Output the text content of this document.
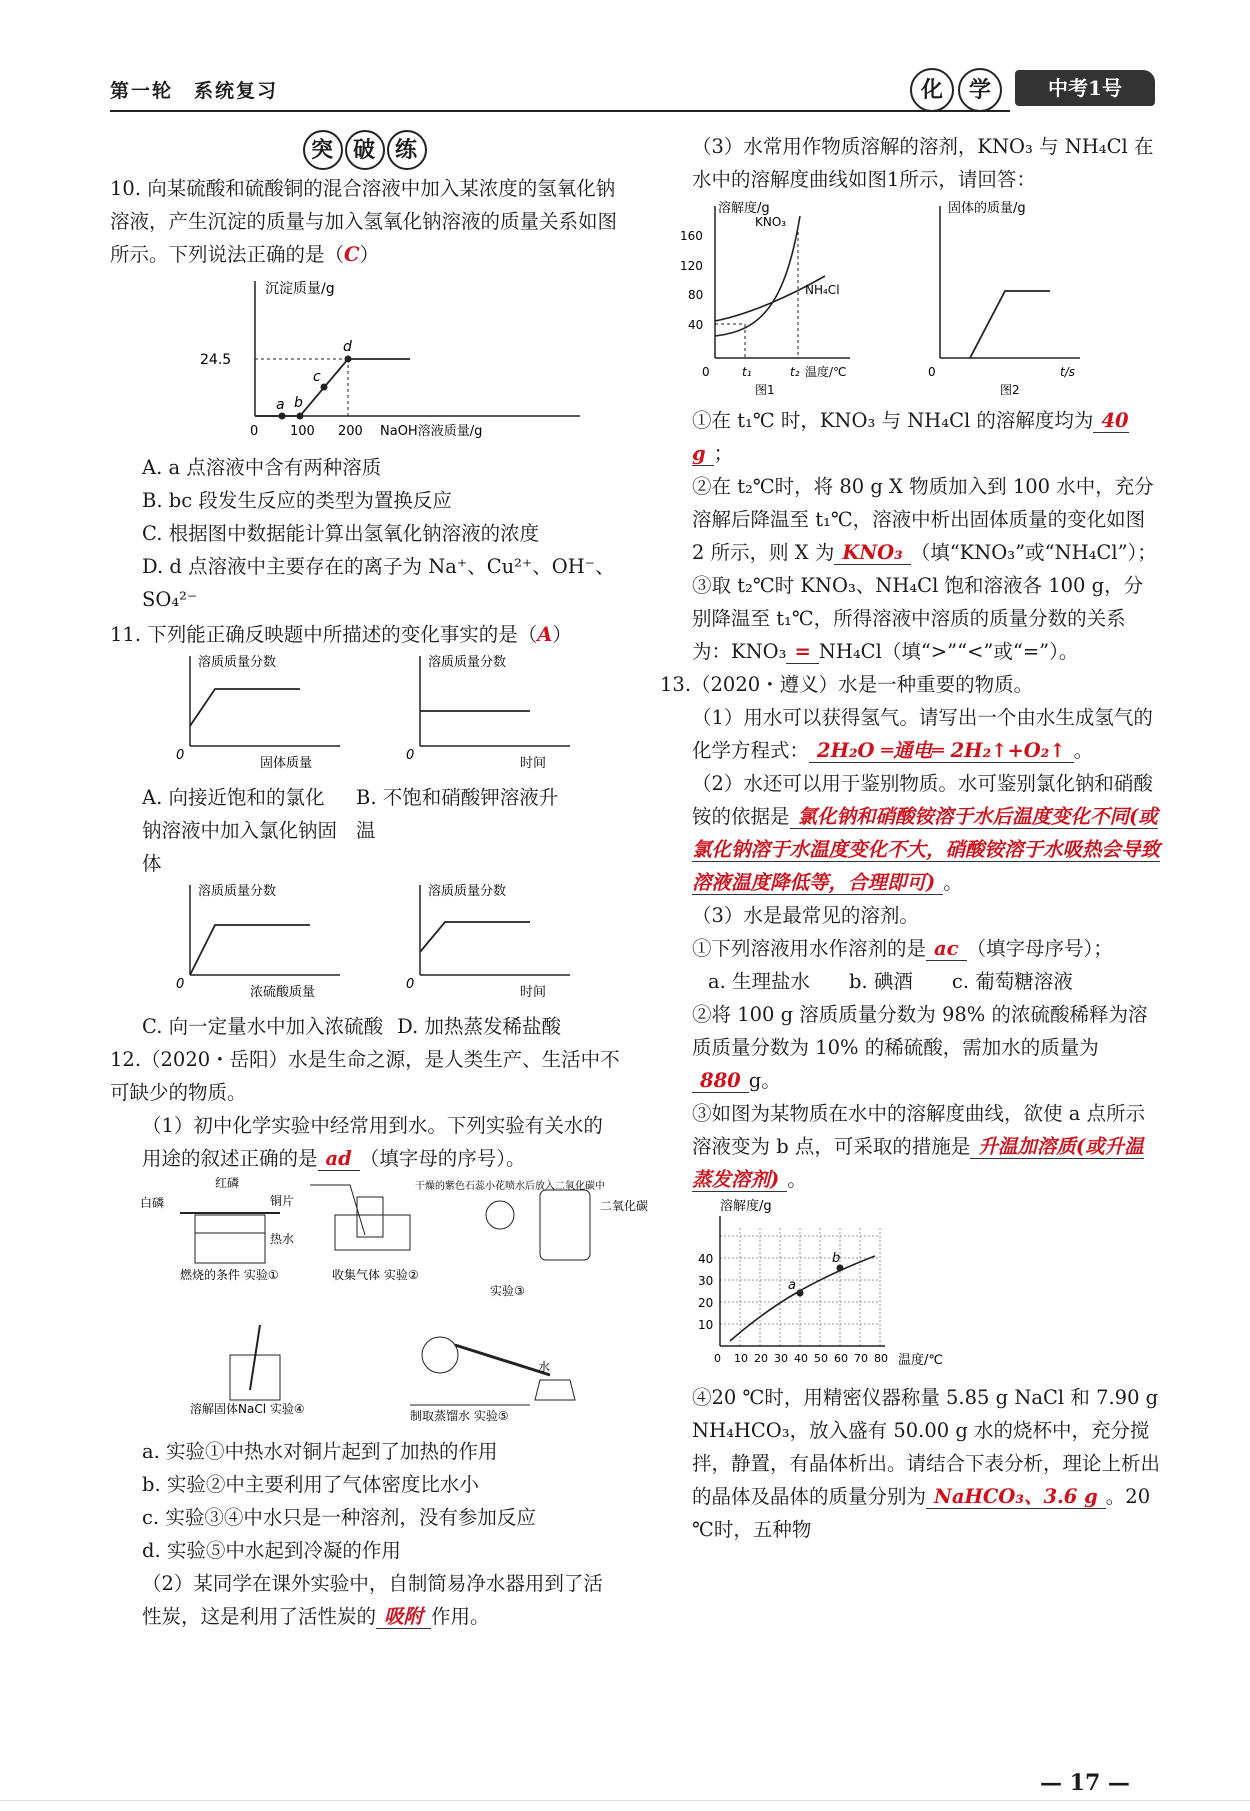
第一轮　系统复习	化 学	中考1号
突 破 练

10. 向某硫酸和硫酸铜的混合溶液中加入某浓度的氢氧化钠溶液，产生沉淀的质量与加入氢氧化钠溶液的质量关系如图所示。下列说法正确的是（C）

沉淀质量/g
24.5
a b
c
d
0 100 200 NaOH溶液质量/g

A. a 点溶液中含有两种溶质

B. bc 段发生反应的类型为置换反应

C. 根据图中数据能计算出氢氧化钠溶液的浓度

D. d 点溶液中主要存在的离子为 Na⁺、Cu²⁺、OH⁻、SO₄²⁻

11. 下列能正确反映题中所描述的变化事实的是（A）

溶质质量分数
0
固体质量
溶质质量分数
0
时间

A. 向接近饱和的氯化钠溶液中加入氯化钠固体
B. 不饱和硝酸钾溶液升温

溶质质量分数
0
浓硫酸质量
溶质质量分数
0
时间

C. 向一定量水中加入浓硫酸 D. 加热蒸发稀盐酸

12.（2020・岳阳）水是生命之源，是人类生产、生活中不可缺少的物质。

（1）初中化学实验中经常用到水。下列实验有关水的用途的叙述正确的是 ad （填字母的序号）。

白磷
红磷
铜片
热水
燃烧的条件 实验①	收集气体 实验②
干燥的紫色石蕊小花喷水后放入二氧化碳中
二氧化碳
实验③
溶解固体NaCl 实验④
水
制取蒸馏水 实验⑤

a. 实验①中热水对铜片起到了加热的作用

b. 实验②中主要利用了气体密度比水小

c. 实验③④中水只是一种溶剂，没有参加反应

d. 实验⑤中水起到冷凝的作用

（2）某同学在课外实验中，自制简易净水器用到了活性炭，这是利用了活性炭的 吸附 作用。

（3）水常用作物质溶解的溶剂，KNO₃ 与 NH₄Cl 在水中的溶解度曲线如图1所示，请回答：

溶解度/g
160
120
80
40
0	t₁	t₂ 温度/℃
KNO₃
NH₄Cl
图1
固体的质量/g
0	t/s
图2

①在 t₁℃ 时，KNO₃ 与 NH₄Cl 的溶解度均为 40 g ；

②在 t₂℃时，将 80 g X 物质加入到 100 水中，充分溶解后降温至 t₁℃，溶液中析出固体质量的变化如图 2 所示，则 X 为 KNO₃ （填“KNO₃”或“NH₄Cl”）；

③取 t₂℃时 KNO₃、NH₄Cl 饱和溶液各 100 g，分别降温至 t₁℃，所得溶液中溶质的质量分数的关系为：KNO₃ = NH₄Cl（填“>”“<”或“=”）。

13.（2020・遵义）水是一种重要的物质。

（1）用水可以获得氢气。请写出一个由水生成氢气的化学方程式： 2H₂O ═通电═ 2H₂↑+O₂↑ 。

（2）水还可以用于鉴别物质。水可鉴别氯化钠和硝酸铵的依据是 氯化钠和硝酸铵溶于水后温度变化不同(或氯化钠溶于水温度变化不大，硝酸铵溶于水吸热会导致溶液温度降低等，合理即可) 。

（3）水是最常见的溶剂。

①下列溶液用水作溶剂的是 ac （填字母序号）；

a. 生理盐水　　b. 碘酒　　c. 葡萄糖溶液

②将 100 g 溶质质量分数为 98% 的浓硫酸稀释为溶质质量分数为 10% 的稀硫酸，需加水的质量为880 g。

③如图为某物质在水中的溶解度曲线，欲使 a 点所示溶液变为 b 点，可采取的措施是 升温加溶质(或升温蒸发溶剂) 。

溶解度/g
10
20
30
40
0 10 20 30 40 50 60 70 80
a
b
温度/℃

④20 ℃时，用精密仪器称量 5.85 g NaCl 和 7.90 g NH₄HCO₃，放入盛有 50.00 g 水的烧杯中，充分搅拌，静置，有晶体析出。请结合下表分析，理论上析出的晶体及晶体的质量分别为 NaHCO₃、3.6 g 。20 ℃时，五种物

— 17 —
